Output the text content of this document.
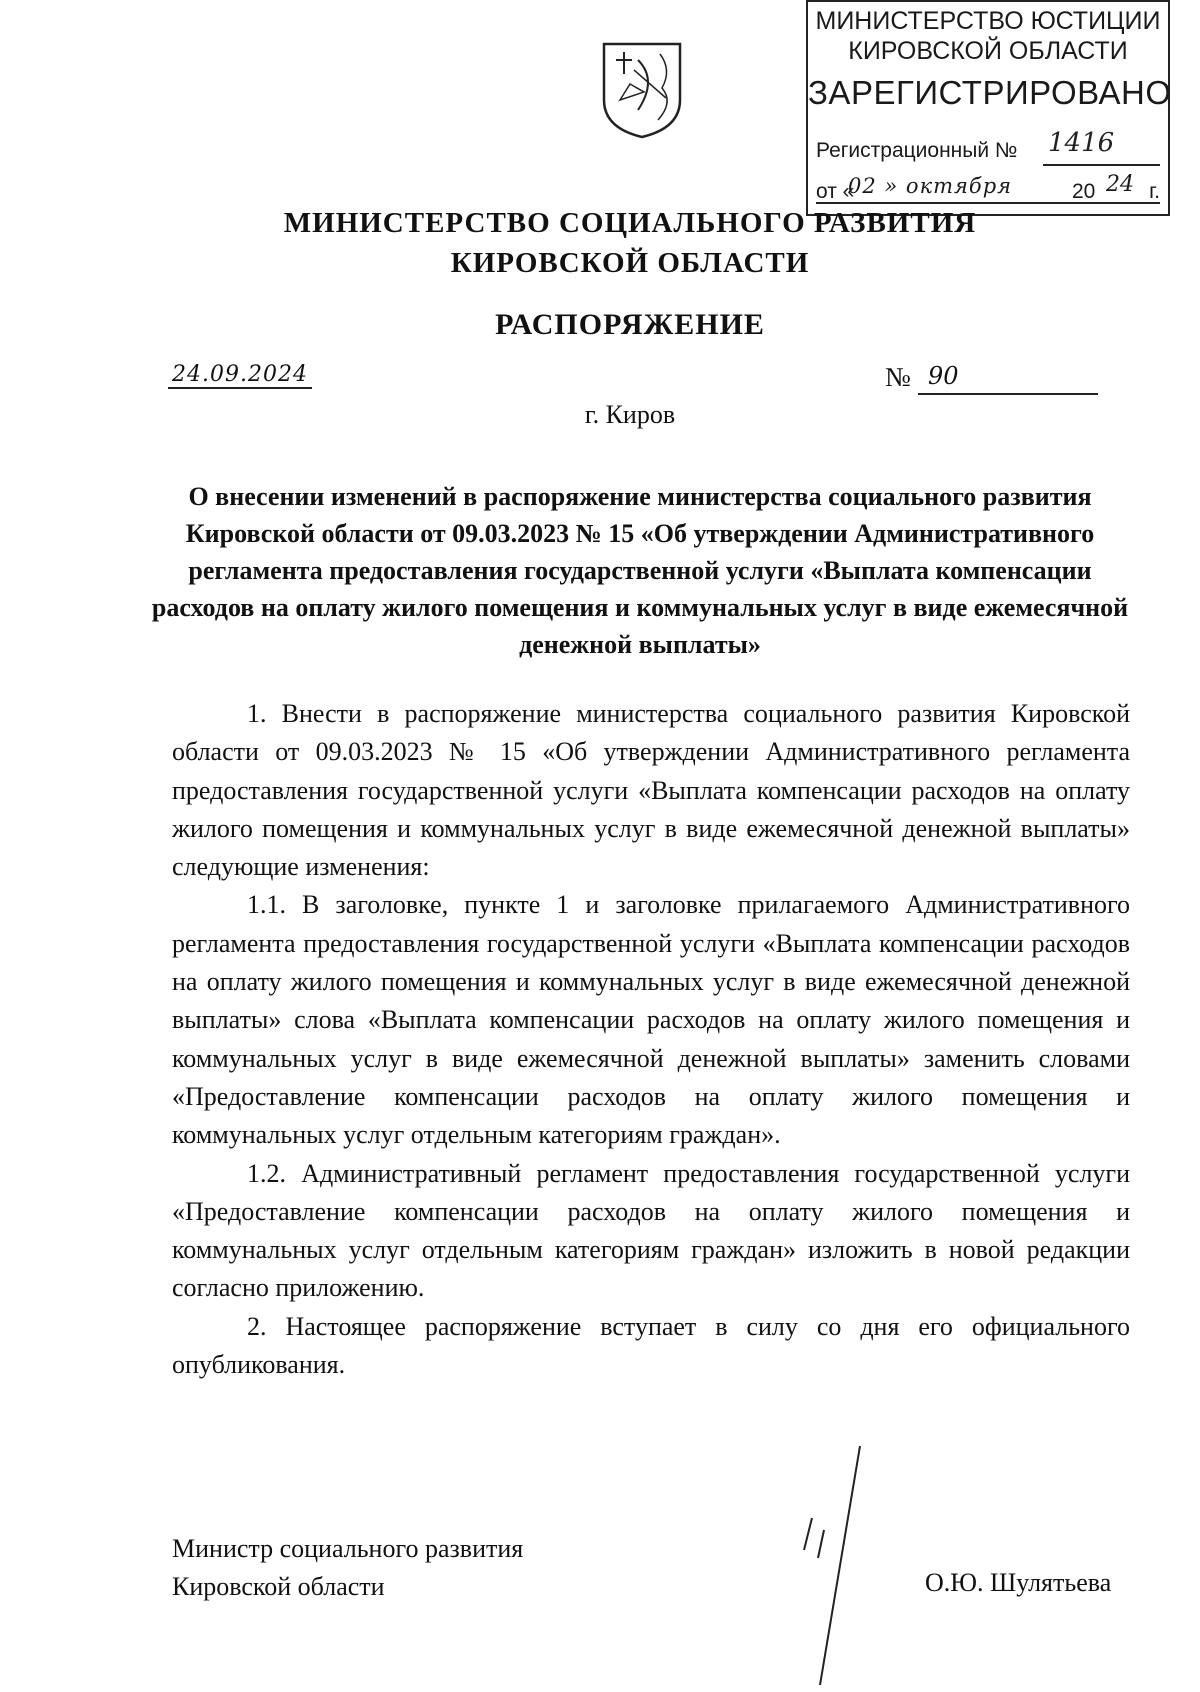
МИНИСТЕРСТВО ЮСТИЦИИ
КИРОВСКОЙ ОБЛАСТИ
ЗАРЕГИСТРИРОВАНО
Регистрационный № 1416
от «
02 » октября	20 24 г.
МИНИСТЕРСТВО СОЦИАЛЬНОГО РАЗВИТИЯ
КИРОВСКОЙ ОБЛАСТИ
РАСПОРЯЖЕНИЕ
24.09.2024	№ 90
г. Киров
О внесении изменений в распоряжение министерства социального развития Кировской области от 09.03.2023 № 15 «Об утверждении Административного регламента предоставления государственной услуги «Выплата компенсации расходов на оплату жилого помещения и коммунальных услуг в виде ежемесячной денежной выплаты»

1. Внести в распоряжение министерства социального развития Кировской области от 09.03.2023 № 15 «Об утверждении Административного регламента предоставления государственной услуги «Выплата компенсации расходов на оплату жилого помещения и коммунальных услуг в виде ежемесячной денежной выплаты» следующие изменения:

1.1. В заголовке, пункте 1 и заголовке прилагаемого Административного регламента предоставления государственной услуги «Выплата компенсации расходов на оплату жилого помещения и коммунальных услуг в виде ежемесячной денежной выплаты» слова «Выплата компенсации расходов на оплату жилого помещения и коммунальных услуг в виде ежемесячной денежной выплаты» заменить словами «Предоставление компенсации расходов на оплату жилого помещения и коммунальных услуг отдельным категориям граждан».

1.2. Административный регламент предоставления государственной услуги «Предоставление компенсации расходов на оплату жилого помещения и коммунальных услуг отдельным категориям граждан» изложить в новой редакции согласно приложению.

2. Настоящее распоряжение вступает в силу со дня его официального опубликования.

Министр социального развития
Кировской области	О.Ю. Шулятьева
